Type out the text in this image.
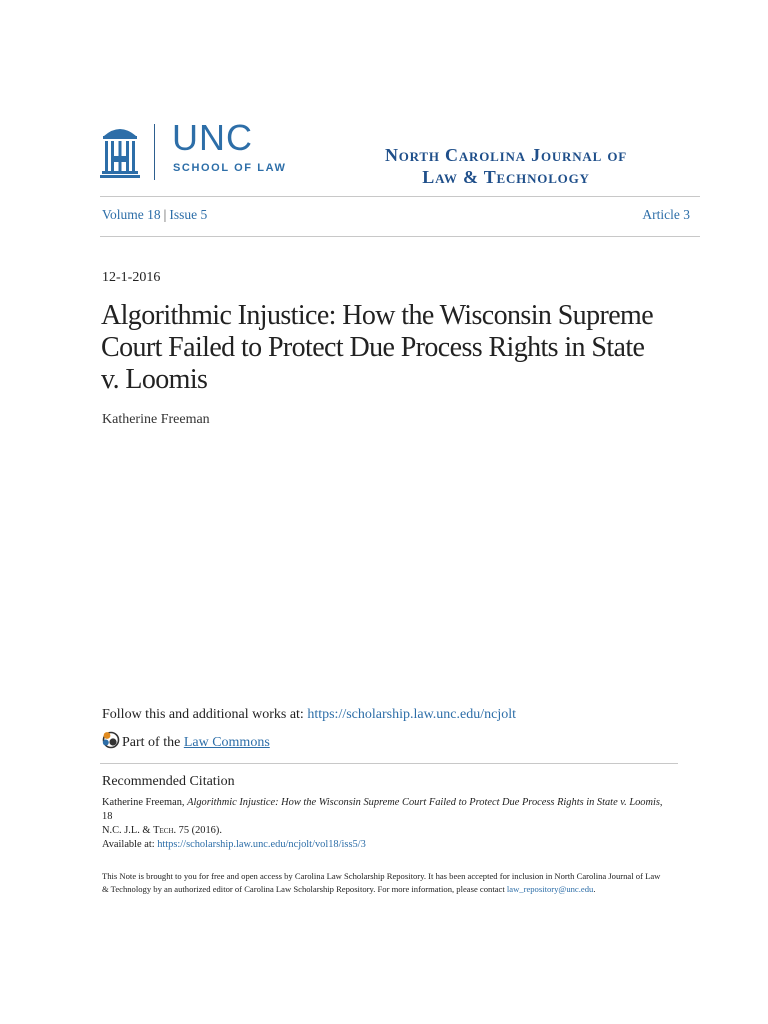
UNC
SCHOOL OF LAW
North Carolina Journal of
Law & Technology
Volume 18 | Issue 5	Article 3
12-1-2016
Algorithmic Injustice: How the Wisconsin Supreme Court Failed to Protect Due Process Rights in State v. Loomis
Katherine Freeman
Follow this and additional works at: https://scholarship.law.unc.edu/ncjolt
Part of the Law Commons
Recommended Citation
Katherine Freeman, Algorithmic Injustice: How the Wisconsin Supreme Court Failed to Protect Due Process Rights in State v. Loomis, 18
N.C. J.L. & Tech. 75 (2016).
Available at: https://scholarship.law.unc.edu/ncjolt/vol18/iss5/3
This Note is brought to you for free and open access by Carolina Law Scholarship Repository. It has been accepted for inclusion in North Carolina Journal of Law & Technology by an authorized editor of Carolina Law Scholarship Repository. For more information, please contact law_repository@unc.edu.
